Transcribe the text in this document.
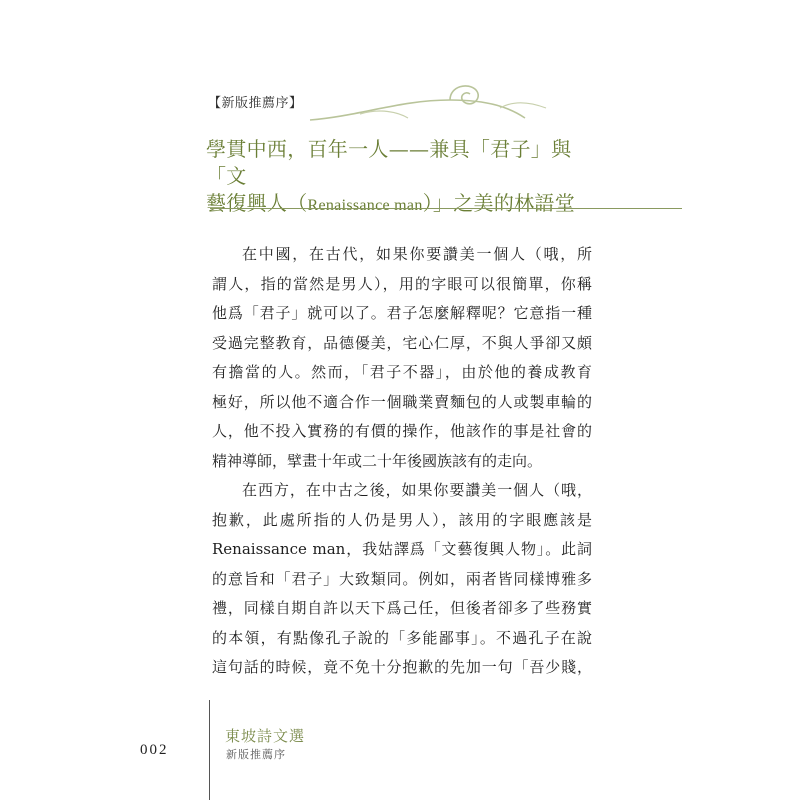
【新版推薦序】
學貫中西，百年一人——兼具「君子」與「文
藝復興人（Renaissance man）」之美的林語堂
在中國，在古代，如果你要讚美一個人（哦，所
謂人，指的當然是男人），用的字眼可以很簡單，你稱
他爲「君子」就可以了。君子怎麼解釋呢？它意指一種
受過完整教育，品德優美，宅心仁厚，不與人爭卻又頗
有擔當的人。然而，「君子不器」，由於他的養成教育
極好，所以他不適合作一個職業賣麵包的人或製車輪的
人，他不投入實務的有價的操作，他該作的事是社會的
精神導師，擘畫十年或二十年後國族該有的走向。
在西方，在中古之後，如果你要讚美一個人（哦，
抱歉，此處所指的人仍是男人），該用的字眼應該是
Renaissance man，我姑譯爲「文藝復興人物」。此詞
的意旨和「君子」大致類同。例如，兩者皆同樣博雅多
禮，同樣自期自許以天下爲己任，但後者卻多了些務實
的本領，有點像孔子說的「多能鄙事」。不過孔子在說
這句話的時候，竟不免十分抱歉的先加一句「吾少賤，
002
東坡詩文選
新版推薦序
